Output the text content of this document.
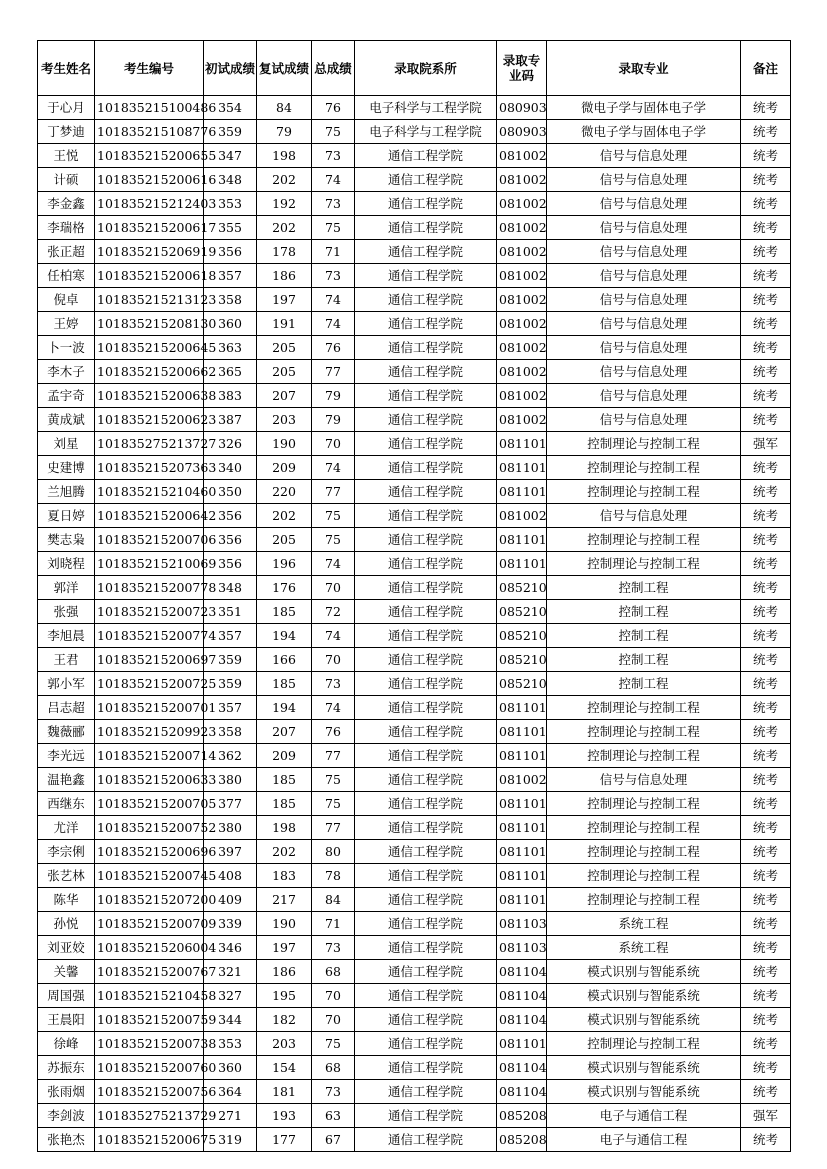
考生姓名	考生编号	初试成绩	复试成绩	总成绩	录取院系所	录取专业码	录取专业	备注
于心月	101835215100486	354	84	76	电子科学与工程学院	080903	微电子学与固体电子学	统考
丁梦迪	101835215108776	359	79	75	电子科学与工程学院	080903	微电子学与固体电子学	统考
王悦	101835215200655	347	198	73	通信工程学院	081002	信号与信息处理	统考
计硕	101835215200616	348	202	74	通信工程学院	081002	信号与信息处理	统考
李金鑫	101835215212403	353	192	73	通信工程学院	081002	信号与信息处理	统考
李瑞格	101835215200617	355	202	75	通信工程学院	081002	信号与信息处理	统考
张正超	101835215206919	356	178	71	通信工程学院	081002	信号与信息处理	统考
任柏寒	101835215200618	357	186	73	通信工程学院	081002	信号与信息处理	统考
倪卓	101835215213123	358	197	74	通信工程学院	081002	信号与信息处理	统考
王婷	101835215208130	360	191	74	通信工程学院	081002	信号与信息处理	统考
卜一波	101835215200645	363	205	76	通信工程学院	081002	信号与信息处理	统考
李木子	101835215200662	365	205	77	通信工程学院	081002	信号与信息处理	统考
孟宇奇	101835215200638	383	207	79	通信工程学院	081002	信号与信息处理	统考
黄成斌	101835215200623	387	203	79	通信工程学院	081002	信号与信息处理	统考
刘星	101835275213727	326	190	70	通信工程学院	081101	控制理论与控制工程	强军
史建博	101835215207363	340	209	74	通信工程学院	081101	控制理论与控制工程	统考
兰旭腾	101835215210460	350	220	77	通信工程学院	081101	控制理论与控制工程	统考
夏日婷	101835215200642	356	202	75	通信工程学院	081002	信号与信息处理	统考
樊志枭	101835215200706	356	205	75	通信工程学院	081101	控制理论与控制工程	统考
刘晓程	101835215210069	356	196	74	通信工程学院	081101	控制理论与控制工程	统考
郭洋	101835215200778	348	176	70	通信工程学院	085210	控制工程	统考
张强	101835215200723	351	185	72	通信工程学院	085210	控制工程	统考
李旭晨	101835215200774	357	194	74	通信工程学院	085210	控制工程	统考
王君	101835215200697	359	166	70	通信工程学院	085210	控制工程	统考
郭小军	101835215200725	359	185	73	通信工程学院	085210	控制工程	统考
吕志超	101835215200701	357	194	74	通信工程学院	081101	控制理论与控制工程	统考
魏薇郦	101835215209923	358	207	76	通信工程学院	081101	控制理论与控制工程	统考
李光远	101835215200714	362	209	77	通信工程学院	081101	控制理论与控制工程	统考
温艳鑫	101835215200633	380	185	75	通信工程学院	081002	信号与信息处理	统考
西继东	101835215200705	377	185	75	通信工程学院	081101	控制理论与控制工程	统考
尤洋	101835215200752	380	198	77	通信工程学院	081101	控制理论与控制工程	统考
李宗俐	101835215200696	397	202	80	通信工程学院	081101	控制理论与控制工程	统考
张艺林	101835215200745	408	183	78	通信工程学院	081101	控制理论与控制工程	统考
陈华	101835215207200	409	217	84	通信工程学院	081101	控制理论与控制工程	统考
孙悦	101835215200709	339	190	71	通信工程学院	081103	系统工程	统考
刘亚姣	101835215206004	346	197	73	通信工程学院	081103	系统工程	统考
关馨	101835215200767	321	186	68	通信工程学院	081104	模式识别与智能系统	统考
周国强	101835215210458	327	195	70	通信工程学院	081104	模式识别与智能系统	统考
王晨阳	101835215200759	344	182	70	通信工程学院	081104	模式识别与智能系统	统考
徐峰	101835215200738	353	203	75	通信工程学院	081101	控制理论与控制工程	统考
苏振东	101835215200760	360	154	68	通信工程学院	081104	模式识别与智能系统	统考
张雨烟	101835215200756	364	181	73	通信工程学院	081104	模式识别与智能系统	统考
李剑波	101835275213729	271	193	63	通信工程学院	085208	电子与通信工程	强军
张艳杰	101835215200675	319	177	67	通信工程学院	085208	电子与通信工程	统考
